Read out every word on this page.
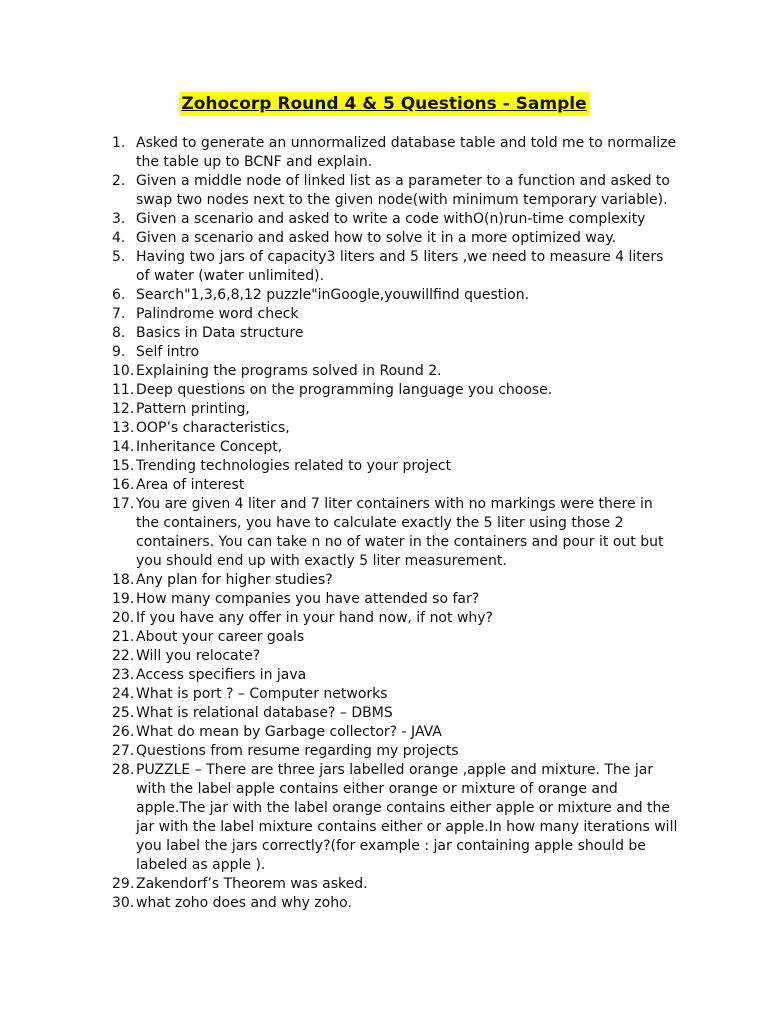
Zohocorp Round 4 & 5 Questions - Sample
1. Asked to generate an unnormalized database table and told me to normalize the table up to BCNF and explain.
2. Given a middle node of linked list as a parameter to a function and asked to swap two nodes next to the given node(with minimum temporary variable).
3. Given a scenario and asked to write a code withO(n)run-time complexity
4. Given a scenario and asked how to solve it in a more optimized way.
5. Having two jars of capacity3 liters and 5 liters ,we need to measure 4 liters of water (water unlimited).
6. Search"1,3,6,8,12 puzzle"inGoogle,youwillfind question.
7. Palindrome word check
8. Basics in Data structure
9. Self intro
10. Explaining the programs solved in Round 2.
11. Deep questions on the programming language you choose.
12. Pattern printing,
13. OOP’s characteristics,
14. Inheritance Concept,
15. Trending technologies related to your project
16. Area of interest
17. You are given 4 liter and 7 liter containers with no markings were there in the containers, you have to calculate exactly the 5 liter using those 2 containers. You can take n no of water in the containers and pour it out but you should end up with exactly 5 liter measurement.
18. Any plan for higher studies?
19. How many companies you have attended so far?
20. If you have any offer in your hand now, if not why?
21. About your career goals
22. Will you relocate?
23. Access specifiers in java
24. What is port ? – Computer networks
25. What is relational database? – DBMS
26. What do mean by Garbage collector? - JAVA
27. Questions from resume regarding my projects
28. PUZZLE – There are three jars labelled orange ,apple and mixture. The jar with the label apple contains either orange or mixture of orange and apple.The jar with the label orange contains either apple or mixture and the jar with the label mixture contains either or apple.In how many iterations will you label the jars correctly?(for example : jar containing apple should be labeled as apple ).
29. Zakendorf’s Theorem was asked.
30. what zoho does and why zoho.
